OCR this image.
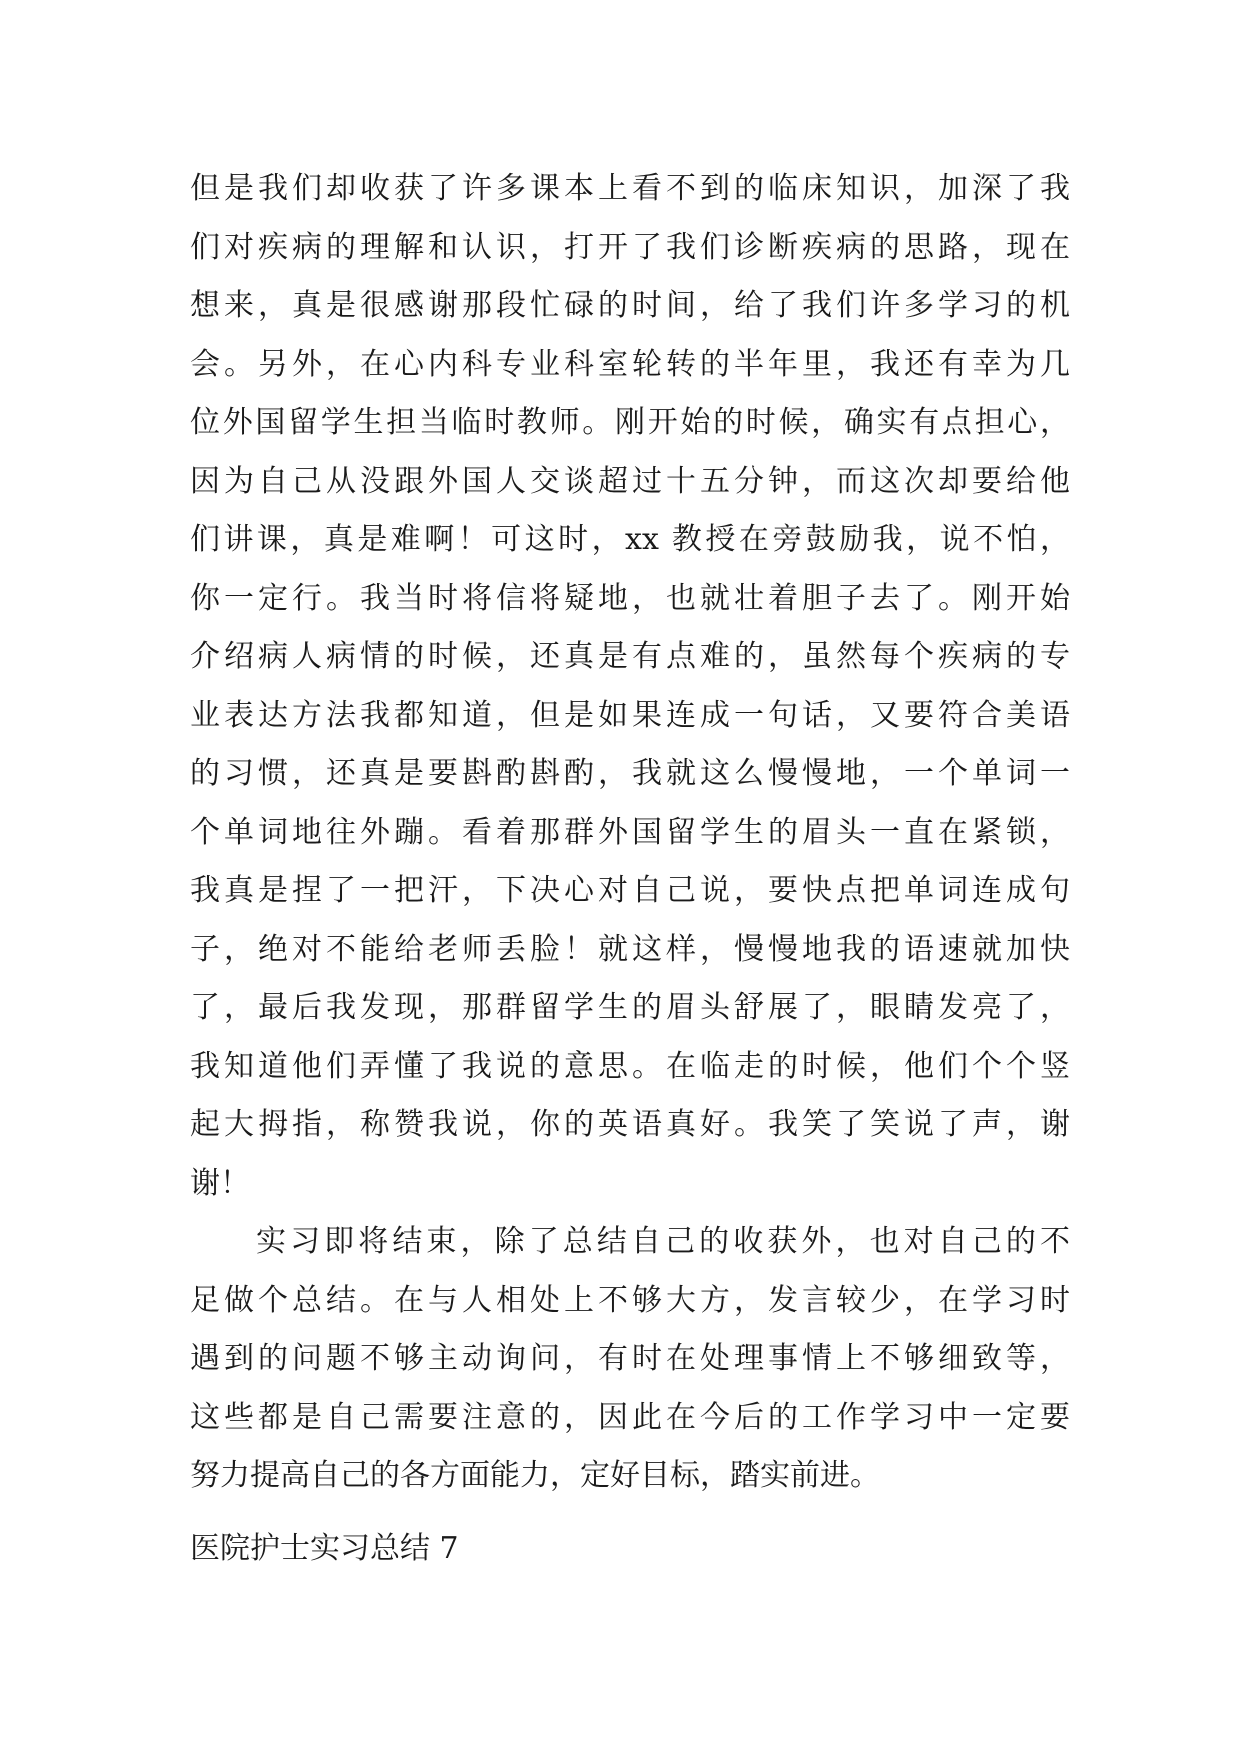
但是我们却收获了许多课本上看不到的临床知识，加深了我
们对疾病的理解和认识，打开了我们诊断疾病的思路，现在
想来，真是很感谢那段忙碌的时间，给了我们许多学习的机
会。另外，在心内科专业科室轮转的半年里，我还有幸为几
位外国留学生担当临时教师。刚开始的时候，确实有点担心，
因为自己从没跟外国人交谈超过十五分钟，而这次却要给他
们讲课，真是难啊！可这时，xx 教授在旁鼓励我，说不怕，
你一定行。我当时将信将疑地，也就壮着胆子去了。刚开始
介绍病人病情的时候，还真是有点难的，虽然每个疾病的专
业表达方法我都知道，但是如果连成一句话，又要符合美语
的习惯，还真是要斟酌斟酌，我就这么慢慢地，一个单词一
个单词地往外蹦。看着那群外国留学生的眉头一直在紧锁，
我真是捏了一把汗，下决心对自己说，要快点把单词连成句
子，绝对不能给老师丢脸！就这样，慢慢地我的语速就加快
了，最后我发现，那群留学生的眉头舒展了，眼睛发亮了，
我知道他们弄懂了我说的意思。在临走的时候，他们个个竖
起大拇指，称赞我说，你的英语真好。我笑了笑说了声，谢
谢！
实习即将结束，除了总结自己的收获外，也对自己的不
足做个总结。在与人相处上不够大方，发言较少，在学习时
遇到的问题不够主动询问，有时在处理事情上不够细致等，
这些都是自己需要注意的，因此在今后的工作学习中一定要
努力提高自己的各方面能力，定好目标，踏实前进。
医院护士实习总结 7
